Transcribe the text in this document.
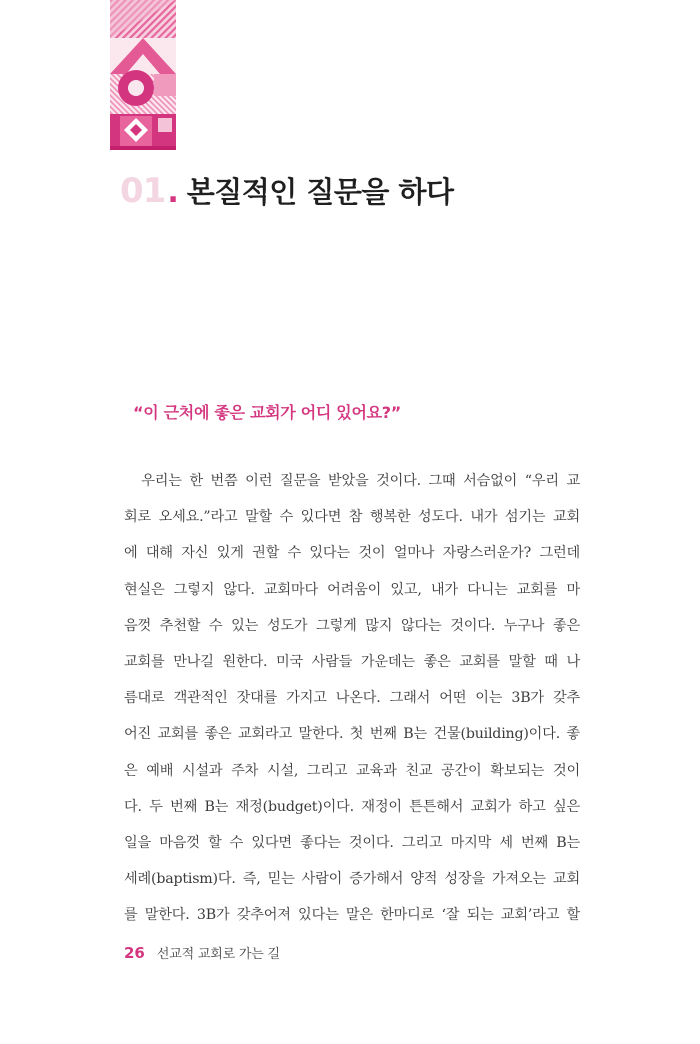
01 . 본질적인 질문을 하다
“이 근처에 좋은 교회가 어디 있어요?”
　우리는 한 번쯤 이런 질문을 받았을 것이다. 그때 서슴없이 “우리 교
회로 오세요.”라고 말할 수 있다면 참 행복한 성도다. 내가 섬기는 교회
에 대해 자신 있게 권할 수 있다는 것이 얼마나 자랑스러운가? 그런데
현실은 그렇지 않다. 교회마다 어려움이 있고, 내가 다니는 교회를 마
음껏 추천할 수 있는 성도가 그렇게 많지 않다는 것이다. 누구나 좋은
교회를 만나길 원한다. 미국 사람들 가운데는 좋은 교회를 말할 때 나
름대로 객관적인 잣대를 가지고 나온다. 그래서 어떤 이는 3B가 갖추
어진 교회를 좋은 교회라고 말한다. 첫 번째 B는 건물(building)이다. 좋
은 예배 시설과 주차 시설, 그리고 교육과 친교 공간이 확보되는 것이
다. 두 번째 B는 재정(budget)이다. 재정이 튼튼해서 교회가 하고 싶은
일을 마음껏 할 수 있다면 좋다는 것이다. 그리고 마지막 세 번째 B는
세례(baptism)다. 즉, 믿는 사람이 증가해서 양적 성장을 가져오는 교회
를 말한다. 3B가 갖추어져 있다는 말은 한마디로 ‘잘 되는 교회’라고 할
26 선교적 교회로 가는 길
